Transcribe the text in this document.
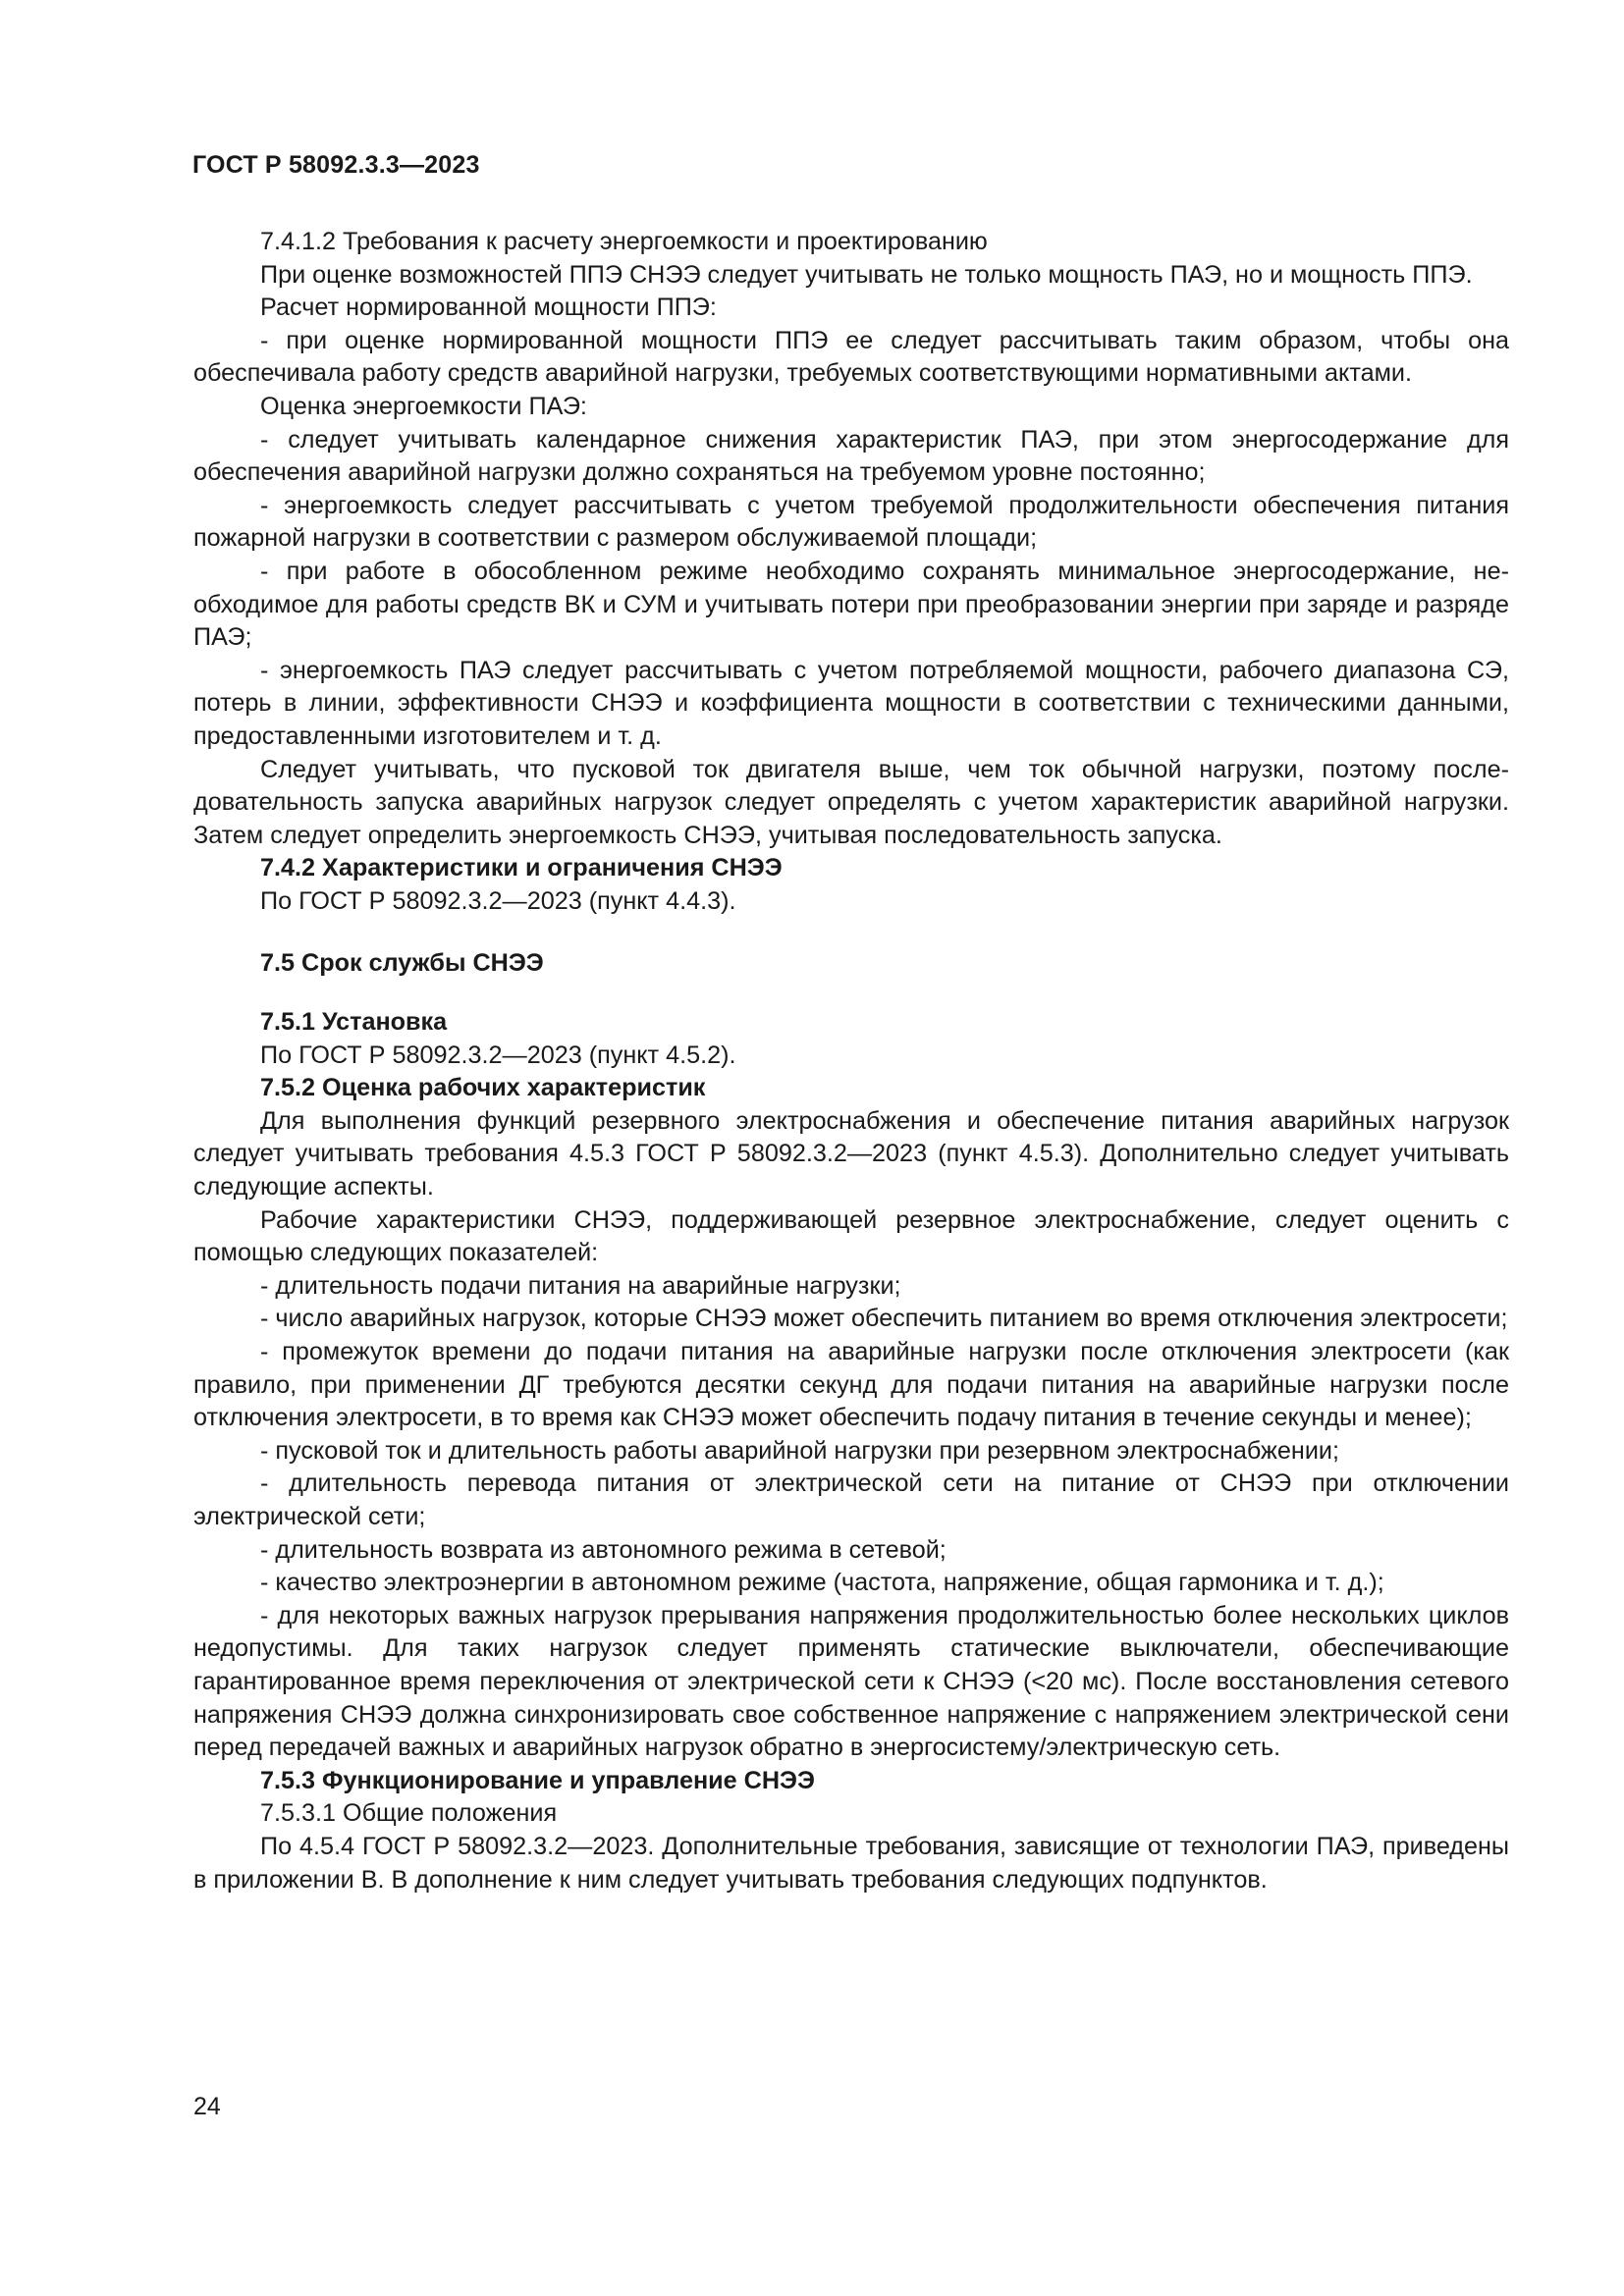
ГОСТ Р 58092.3.3—2023

7.4.1.2 Требования к расчету энергоемкости и проектированию

При оценке возможностей ППЭ СНЭЭ следует учитывать не только мощность ПАЭ, но и мощность ППЭ.

Расчет нормированной мощности ППЭ:

- при оценке нормированной мощности ППЭ ее следует рассчитывать таким образом, чтобы она обеспечивала работу средств аварийной нагрузки, требуемых соответствующими нормативными актами.

Оценка энергоемкости ПАЭ:

- следует учитывать календарное снижения характеристик ПАЭ, при этом энергосодержание для обеспечения аварийной нагрузки должно сохраняться на требуемом уровне постоянно;

- энергоемкость следует рассчитывать с учетом требуемой продолжительности обеспечения питания пожарной нагрузки в соответствии с размером обслуживаемой площади;

- при работе в обособленном режиме необходимо сохранять минимальное энергосодержание, необходимое для работы средств ВК и СУМ и учитывать потери при преобразовании энергии при заряде и разряде ПАЭ;

- энергоемкость ПАЭ следует рассчитывать с учетом потребляемой мощности, рабочего диапазона СЭ, потерь в линии, эффективности СНЭЭ и коэффициента мощности в соответствии с техническими данными, предоставленными изготовителем и т. д.

Следует учитывать, что пусковой ток двигателя выше, чем ток обычной нагрузки, поэтому последовательность запуска аварийных нагрузок следует определять с учетом характеристик аварийной нагрузки. Затем следует определить энергоемкость СНЭЭ, учитывая последовательность запуска.

7.4.2 Характеристики и ограничения СНЭЭ

По ГОСТ Р 58092.3.2—2023 (пункт 4.4.3).

7.5 Срок службы СНЭЭ

7.5.1 Установка

По ГОСТ Р 58092.3.2—2023 (пункт 4.5.2).

7.5.2 Оценка рабочих характеристик

Для выполнения функций резервного электроснабжения и обеспечение питания аварийных нагрузок следует учитывать требования 4.5.3 ГОСТ Р 58092.3.2—2023 (пункт 4.5.3). Дополнительно следует учитывать следующие аспекты.

Рабочие характеристики СНЭЭ, поддерживающей резервное электроснабжение, следует оценить с помощью следующих показателей:

- длительность подачи питания на аварийные нагрузки;

- число аварийных нагрузок, которые СНЭЭ может обеспечить питанием во время отключения электросети;

- промежуток времени до подачи питания на аварийные нагрузки после отключения электросети (как правило, при применении ДГ требуются десятки секунд для подачи питания на аварийные нагрузки после отключения электросети, в то время как СНЭЭ может обеспечить подачу питания в течение секунды и менее);

- пусковой ток и длительность работы аварийной нагрузки при резервном электроснабжении;

- длительность перевода питания от электрической сети на питание от СНЭЭ при отключении электрической сети;

- длительность возврата из автономного режима в сетевой;

- качество электроэнергии в автономном режиме (частота, напряжение, общая гармоника и т. д.);

- для некоторых важных нагрузок прерывания напряжения продолжительностью более нескольких циклов недопустимы. Для таких нагрузок следует применять статические выключатели, обеспечивающие гарантированное время переключения от электрической сети к СНЭЭ (<20 мс). После восстановления сетевого напряжения СНЭЭ должна синхронизировать свое собственное напряжение с напряжением электрической сени перед передачей важных и аварийных нагрузок обратно в энергосистему/электрическую сеть.

7.5.3 Функционирование и управление СНЭЭ

7.5.3.1 Общие положения

По 4.5.4 ГОСТ Р 58092.3.2—2023. Дополнительные требования, зависящие от технологии ПАЭ, приведены в приложении В. В дополнение к ним следует учитывать требования следующих подпунктов.

24
